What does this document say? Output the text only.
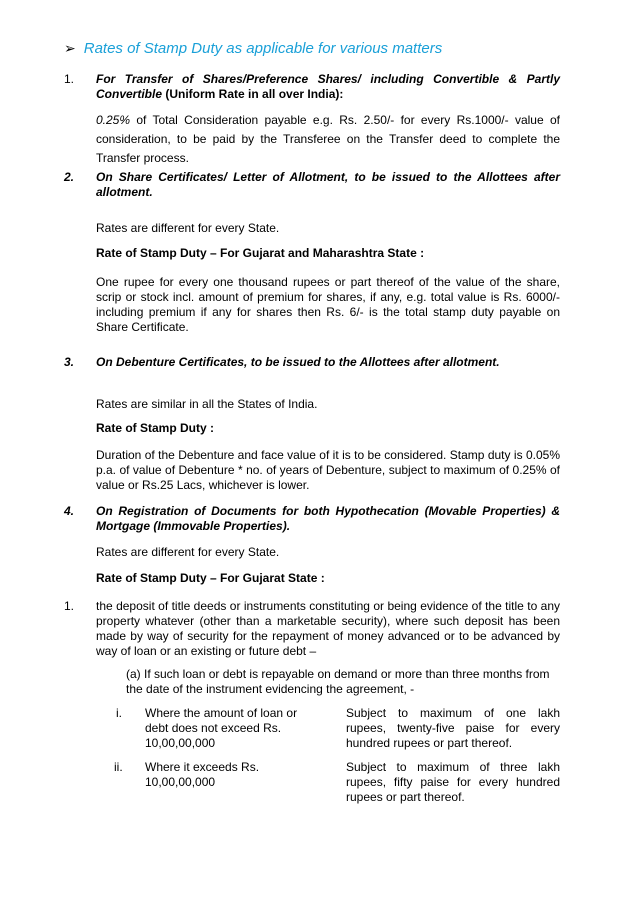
➢ Rates of Stamp Duty as applicable for various matters
1. For Transfer of Shares/Preference Shares/ including Convertible & Partly Convertible (Uniform Rate in all over India):
0.25% of Total Consideration payable e.g. Rs. 2.50/- for every Rs.1000/- value of consideration, to be paid by the Transferee on the Transfer deed to complete the Transfer process.
2. On Share Certificates/ Letter of Allotment, to be issued to the Allottees after allotment.
Rates are different for every State.
Rate of Stamp Duty – For Gujarat and Maharashtra State :
One rupee for every one thousand rupees or part thereof of the value of the share, scrip or stock incl. amount of premium for shares, if any, e.g. total value is Rs. 6000/- including premium if any for shares then Rs. 6/- is the total stamp duty payable on Share Certificate.
3. On Debenture Certificates, to be issued to the Allottees after allotment.
Rates are similar in all the States of India.
Rate of Stamp Duty :
Duration of the Debenture and face value of it is to be considered. Stamp duty is 0.05% p.a. of value of Debenture * no. of years of Debenture, subject to maximum of 0.25% of value or Rs.25 Lacs, whichever is lower.
4. On Registration of Documents for both Hypothecation (Movable Properties) & Mortgage (Immovable Properties).
Rates are different for every State.
Rate of Stamp Duty – For Gujarat State :
1. the deposit of title deeds or instruments constituting or being evidence of the title to any property whatever (other than a marketable security), where such deposit has been made by way of security for the repayment of money advanced or to be advanced by way of loan or an existing or future debt –
(a) If such loan or debt is repayable on demand or more than three months from the date of the instrument evidencing the agreement, -
i. Where the amount of loan or debt does not exceed Rs. 10,00,00,000
Subject to maximum of one lakh rupees, twenty-five paise for every hundred rupees or part thereof.
ii. Where it exceeds Rs. 10,00,00,000
Subject to maximum of three lakh rupees, fifty paise for every hundred rupees or part thereof.
